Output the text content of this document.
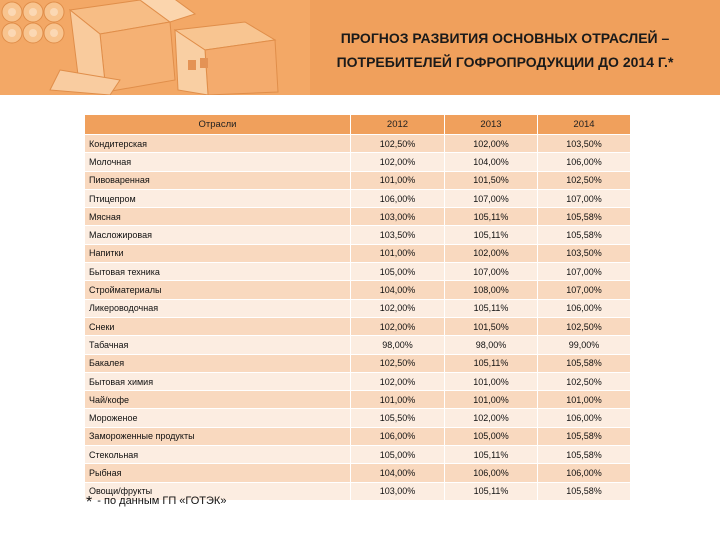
ПРОГНОЗ РАЗВИТИЯ ОСНОВНЫХ ОТРАСЛЕЙ –
ПОТРЕБИТЕЛЕЙ ГОФРОПРОДУКЦИИ ДО 2014 Г.*
Отрасли	2012	2013	2014
Кондитерская	102,50%	102,00%	103,50%
Молочная	102,00%	104,00%	106,00%
Пивоваренная	101,00%	101,50%	102,50%
Птицепром	106,00%	107,00%	107,00%
Мясная	103,00%	105,11%	105,58%
Масложировая	103,50%	105,11%	105,58%
Напитки	101,00%	102,00%	103,50%
Бытовая техника	105,00%	107,00%	107,00%
Стройматериалы	104,00%	108,00%	107,00%
Ликероводочная	102,00%	105,11%	106,00%
Снеки	102,00%	101,50%	102,50%
Табачная	98,00%	98,00%	99,00%
Бакалея	102,50%	105,11%	105,58%
Бытовая химия	102,00%	101,00%	102,50%
Чай/кофе	101,00%	101,00%	101,00%
Мороженое	105,50%	102,00%	106,00%
Замороженные продукты	106,00%	105,00%	105,58%
Стекольная	105,00%	105,11%	105,58%
Рыбная	104,00%	106,00%	106,00%
Овощи/фрукты	103,00%	105,11%	105,58%
* - по данным ГП «ГОТЭК»
